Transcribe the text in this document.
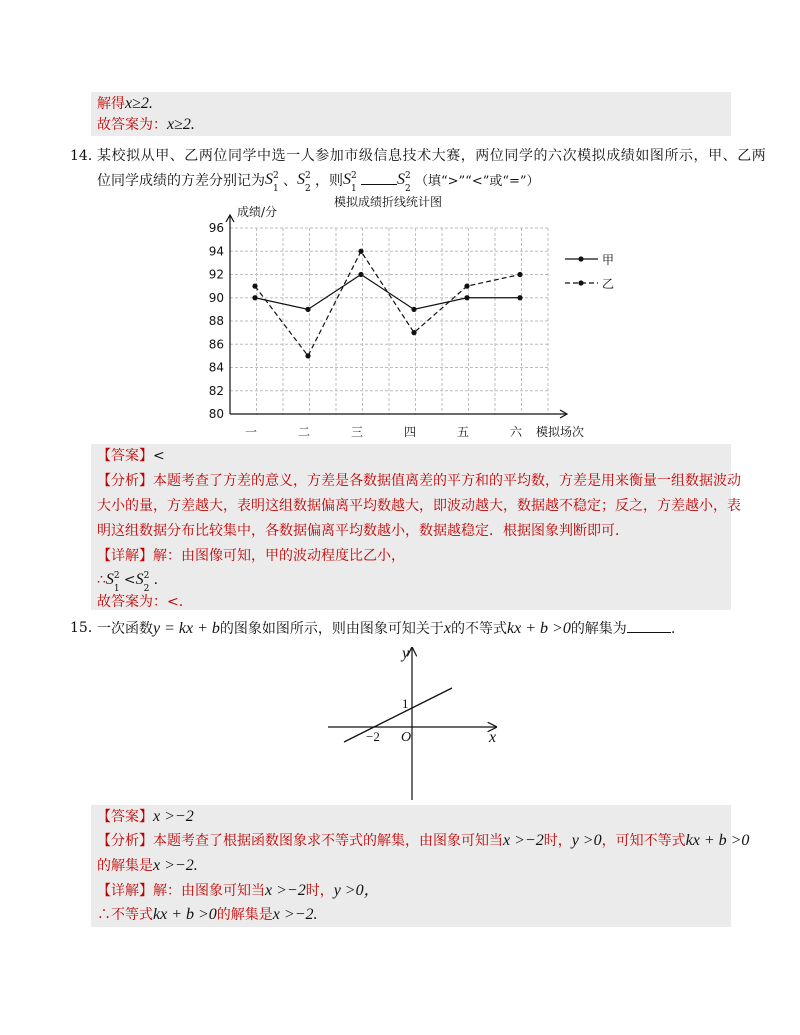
解得x≥2.
故答案为：x≥2.
14．
某校拟从甲、乙两位同学中选一人参加市级信息技术大赛，两位同学的六次模拟成绩如图所示，甲、乙两
位同学成绩的方差分别记为 S 2
1 、 S 2
2 ，则 S 2
1
S 2
2 （填“>”“<”或“=”）
模拟成绩折线统计图
成绩/分
模拟场次
80
82
84
86
88
90
92
94
96
一	二	三	四	五	六
甲
乙
【答案】<
【分析】本题考查了方差的意义，方差是各数据值离差的平方和的平均数，方差是用来衡量一组数据波动
大小的量，方差越大，表明这组数据偏离平均数越大，即波动越大，数据越不稳定；反之，方差越小，表
明这组数据分布比较集中，各数据偏离平均数越小，数据越稳定．根据图象判断即可．
【详解】解：由图像可知，甲的波动程度比乙小，
∴ S 2
1
< S 2
2
.
故答案为：<.
15．
一次函数y = kx + b的图象如图所示，则由图象可知关于x的不等式kx + b >0的解集为	.
y
x
O
1
−2
【答案】x >−2
【分析】本题考查了根据函数图象求不等式的解集，由图象可知当x >−2时，y >0，可知不等式kx + b >0
的解集是x >−2.
【详解】解：由图象可知当x >−2时，y >0，
∴不等式kx + b >0的解集是x >−2.
